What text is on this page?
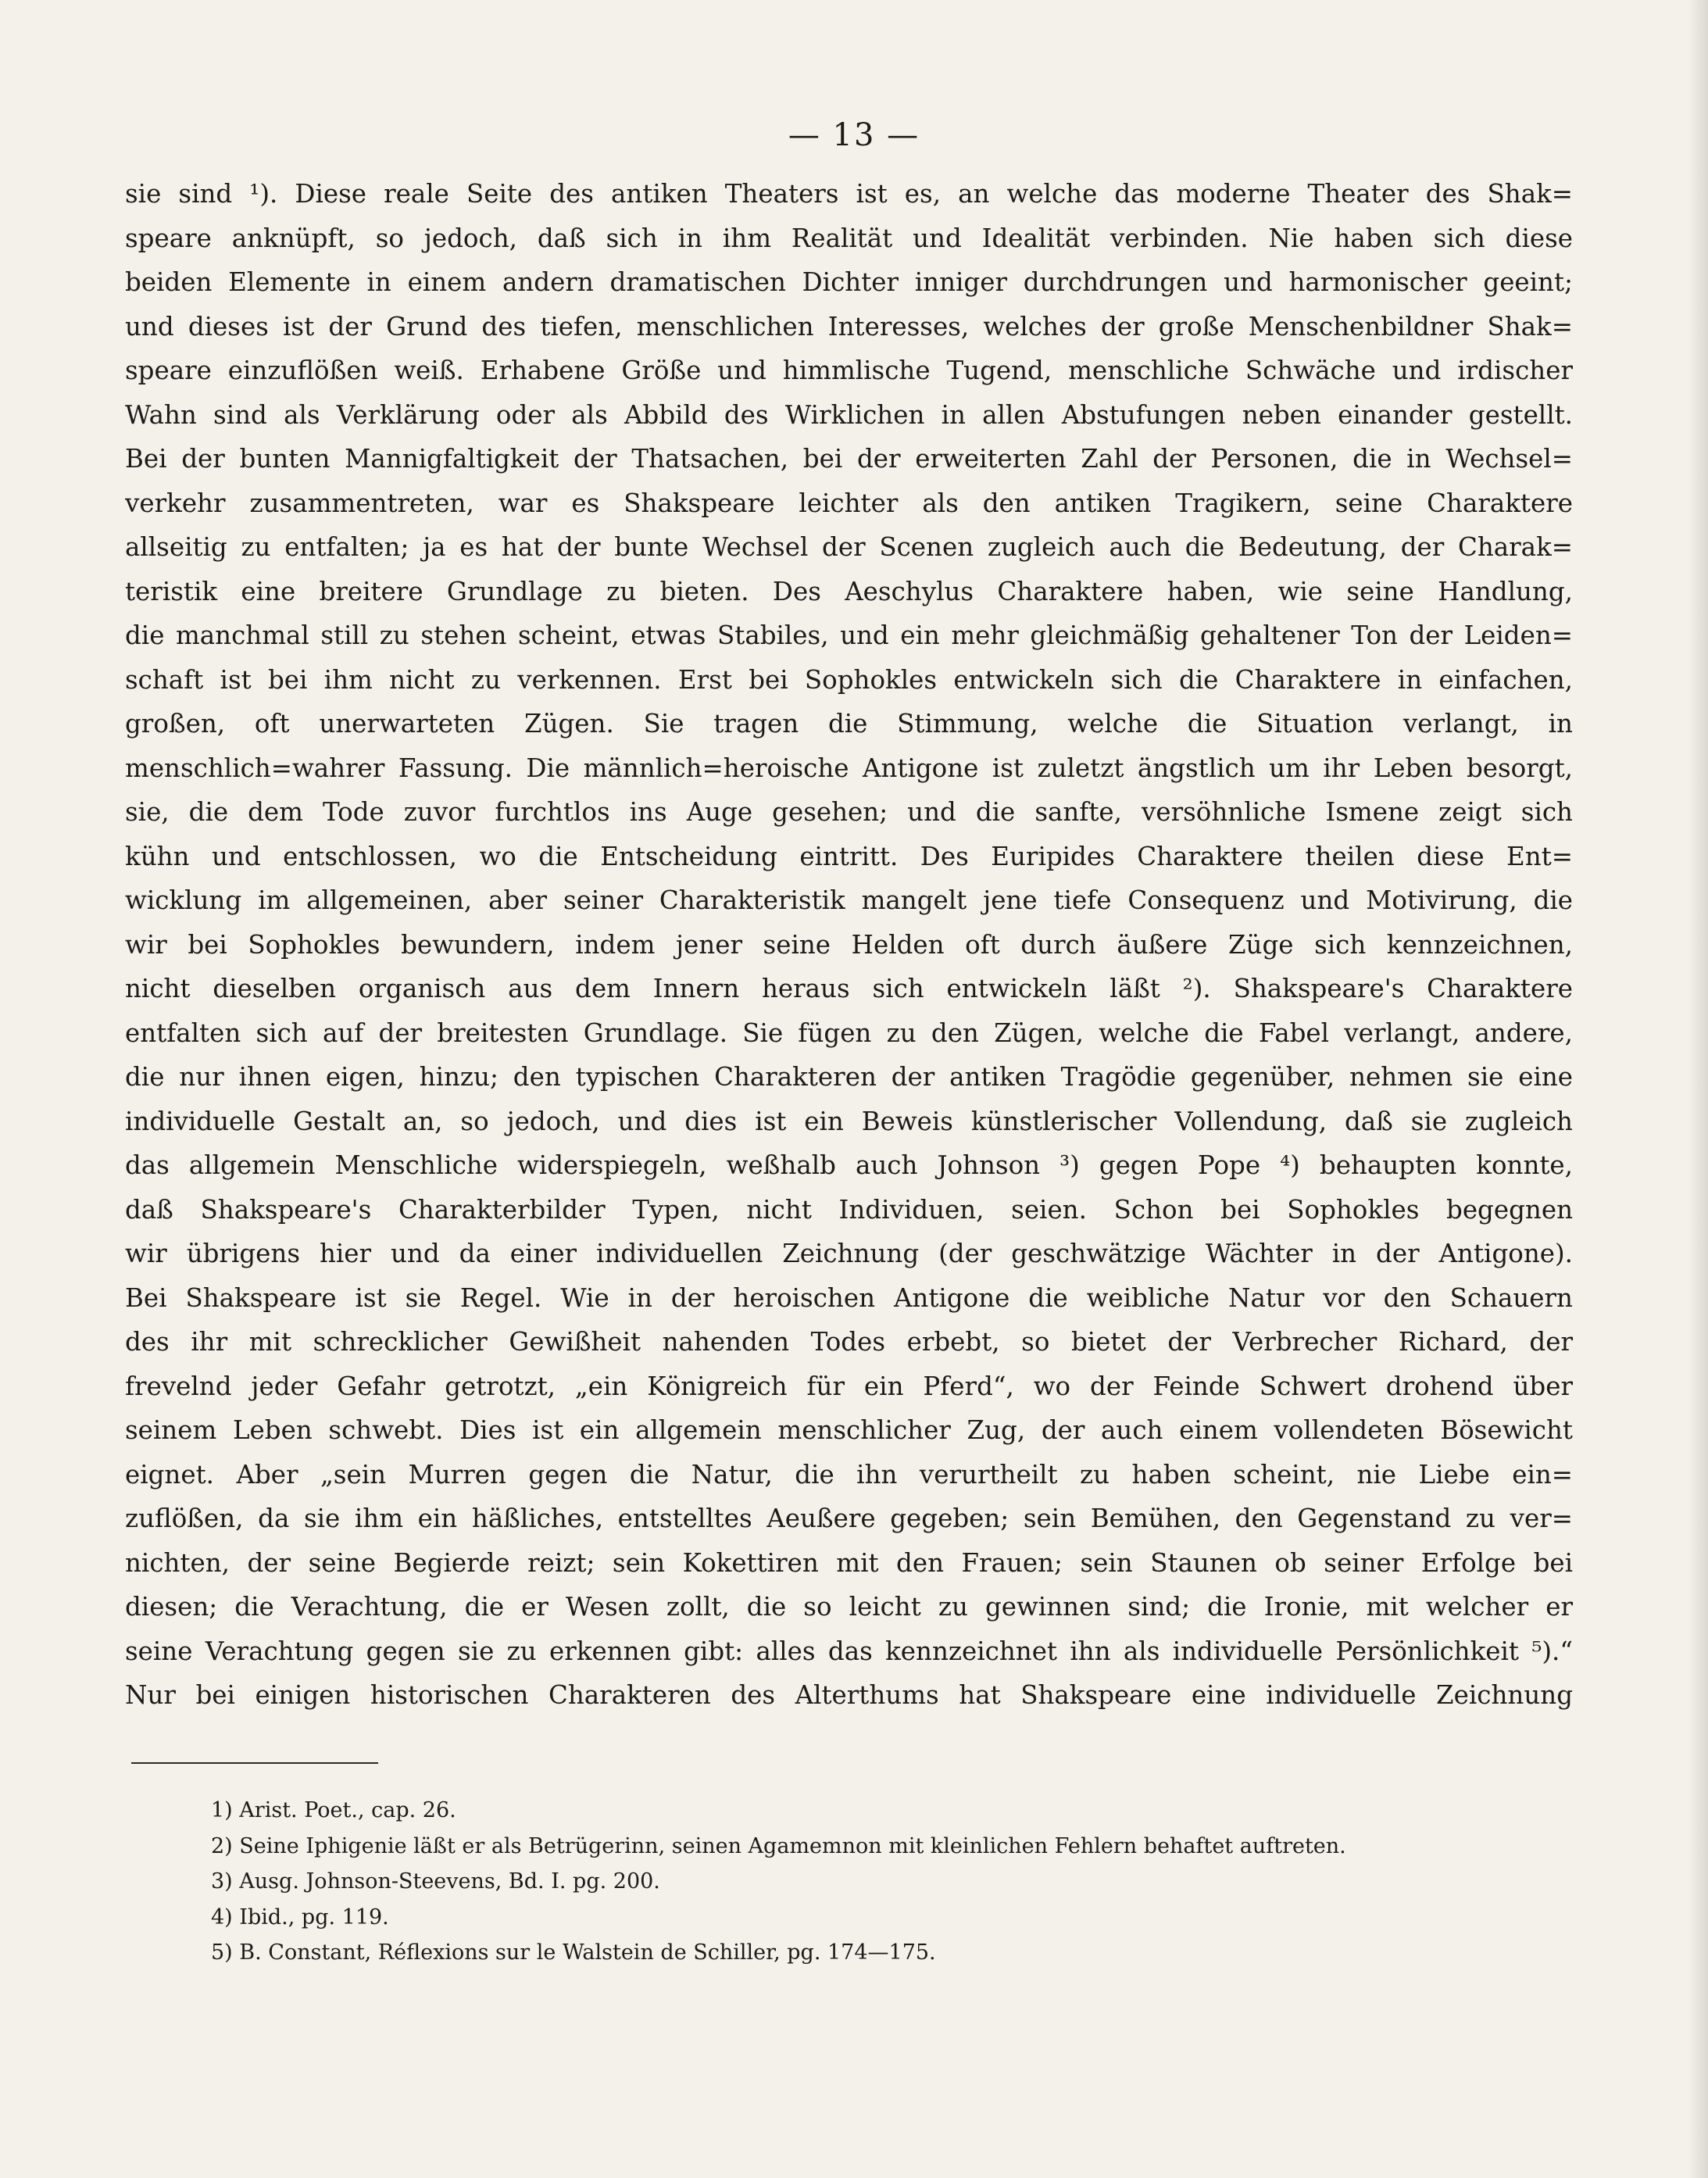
— 13 —
sie sind ¹). Diese reale Seite des antiken Theaters ist es, an welche das moderne Theater des Shak=
speare anknüpft, so jedoch, daß sich in ihm Realität und Idealität verbinden. Nie haben sich diese
beiden Elemente in einem andern dramatischen Dichter inniger durchdrungen und harmonischer geeint;
und dieses ist der Grund des tiefen, menschlichen Interesses, welches der große Menschenbildner Shak=
speare einzuflößen weiß. Erhabene Größe und himmlische Tugend, menschliche Schwäche und irdischer
Wahn sind als Verklärung oder als Abbild des Wirklichen in allen Abstufungen neben einander gestellt.
Bei der bunten Mannigfaltigkeit der Thatsachen, bei der erweiterten Zahl der Personen, die in Wechsel=
verkehr zusammentreten, war es Shakspeare leichter als den antiken Tragikern, seine Charaktere
allseitig zu entfalten; ja es hat der bunte Wechsel der Scenen zugleich auch die Bedeutung, der Charak=
teristik eine breitere Grundlage zu bieten. Des Aeschylus Charaktere haben, wie seine Handlung,
die manchmal still zu stehen scheint, etwas Stabiles, und ein mehr gleichmäßig gehaltener Ton der Leiden=
schaft ist bei ihm nicht zu verkennen. Erst bei Sophokles entwickeln sich die Charaktere in einfachen,
großen, oft unerwarteten Zügen. Sie tragen die Stimmung, welche die Situation verlangt, in
menschlich=wahrer Fassung. Die männlich=heroische Antigone ist zuletzt ängstlich um ihr Leben besorgt,
sie, die dem Tode zuvor furchtlos ins Auge gesehen; und die sanfte, versöhnliche Ismene zeigt sich
kühn und entschlossen, wo die Entscheidung eintritt. Des Euripides Charaktere theilen diese Ent=
wicklung im allgemeinen, aber seiner Charakteristik mangelt jene tiefe Consequenz und Motivirung, die
wir bei Sophokles bewundern, indem jener seine Helden oft durch äußere Züge sich kennzeichnen,
nicht dieselben organisch aus dem Innern heraus sich entwickeln läßt ²). Shakspeare's Charaktere
entfalten sich auf der breitesten Grundlage. Sie fügen zu den Zügen, welche die Fabel verlangt, andere,
die nur ihnen eigen, hinzu; den typischen Charakteren der antiken Tragödie gegenüber, nehmen sie eine
individuelle Gestalt an, so jedoch, und dies ist ein Beweis künstlerischer Vollendung, daß sie zugleich
das allgemein Menschliche widerspiegeln, weßhalb auch Johnson ³) gegen Pope ⁴) behaupten konnte,
daß Shakspeare's Charakterbilder Typen, nicht Individuen, seien. Schon bei Sophokles begegnen
wir übrigens hier und da einer individuellen Zeichnung (der geschwätzige Wächter in der Antigone).
Bei Shakspeare ist sie Regel. Wie in der heroischen Antigone die weibliche Natur vor den Schauern
des ihr mit schrecklicher Gewißheit nahenden Todes erbebt, so bietet der Verbrecher Richard, der
frevelnd jeder Gefahr getrotzt, „ein Königreich für ein Pferd“, wo der Feinde Schwert drohend über
seinem Leben schwebt. Dies ist ein allgemein menschlicher Zug, der auch einem vollendeten Bösewicht
eignet. Aber „sein Murren gegen die Natur, die ihn verurtheilt zu haben scheint, nie Liebe ein=
zuflößen, da sie ihm ein häßliches, entstelltes Aeußere gegeben; sein Bemühen, den Gegenstand zu ver=
nichten, der seine Begierde reizt; sein Kokettiren mit den Frauen; sein Staunen ob seiner Erfolge bei
diesen; die Verachtung, die er Wesen zollt, die so leicht zu gewinnen sind; die Ironie, mit welcher er
seine Verachtung gegen sie zu erkennen gibt: alles das kennzeichnet ihn als individuelle Persönlichkeit ⁵).“
Nur bei einigen historischen Charakteren des Alterthums hat Shakspeare eine individuelle Zeichnung
1) Arist. Poet., cap. 26.
2) Seine Iphigenie läßt er als Betrügerinn, seinen Agamemnon mit kleinlichen Fehlern behaftet auftreten.
3) Ausg. Johnson-Steevens, Bd. I. pg. 200.
4) Ibid., pg. 119.
5) B. Constant, Réflexions sur le Walstein de Schiller, pg. 174—175.
